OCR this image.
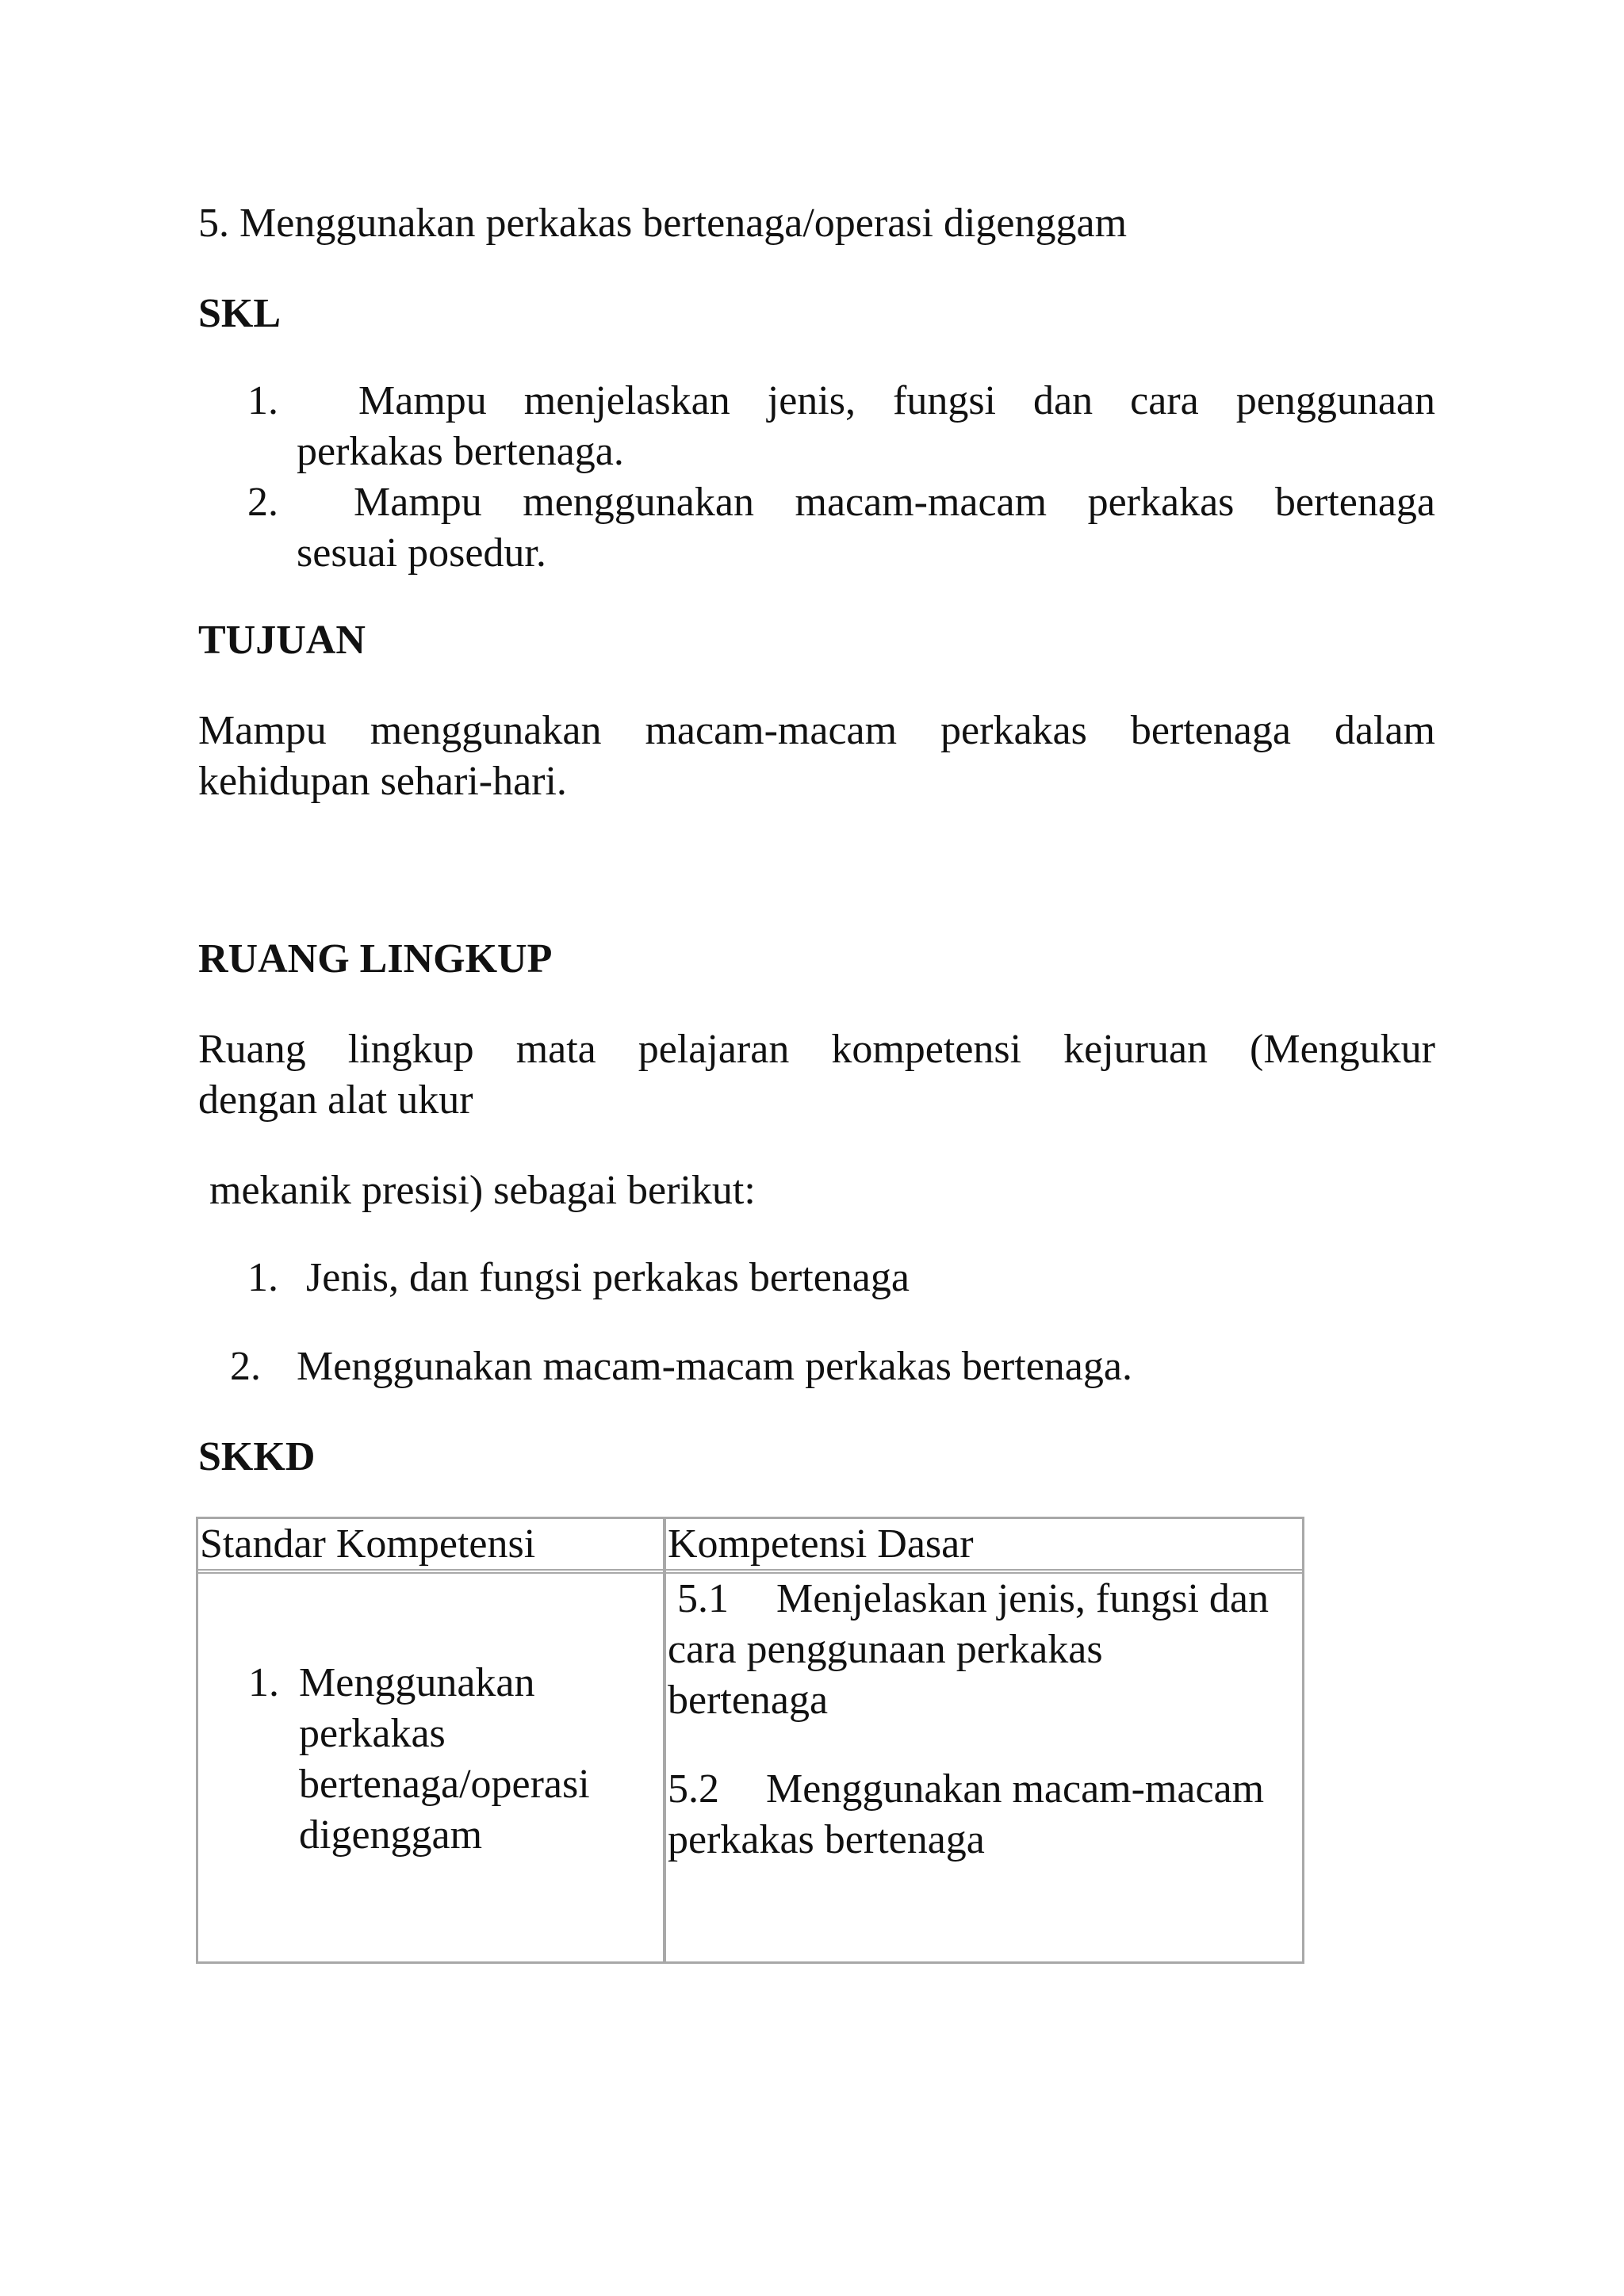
5. Menggunakan perkakas bertenaga/operasi digenggam

SKL

1. Mampu menjelaskan jenis, fungsi dan cara penggunaan

perkakas bertenaga.

2. Mampu menggunakan macam-macam perkakas bertenaga

sesuai posedur.

TUJUAN

Mampu menggunakan macam-macam perkakas bertenaga dalam

kehidupan sehari-hari.

RUANG LINGKUP

Ruang lingkup mata pelajaran kompetensi kejuruan (Mengukur

dengan alat ukur

mekanik presisi) sebagai berikut:

1. Jenis, dan fungsi perkakas bertenaga

2. Menggunakan macam-macam perkakas bertenaga.

SKKD

Standar Kompetensi	Kompetensi Dasar

1. Menggunakan

perkakas

bertenaga/operasi

digenggam

5.1 Menjelaskan jenis, fungsi dan

cara penggunaan perkakas

bertenaga

5.2 Menggunakan macam-macam

perkakas bertenaga
